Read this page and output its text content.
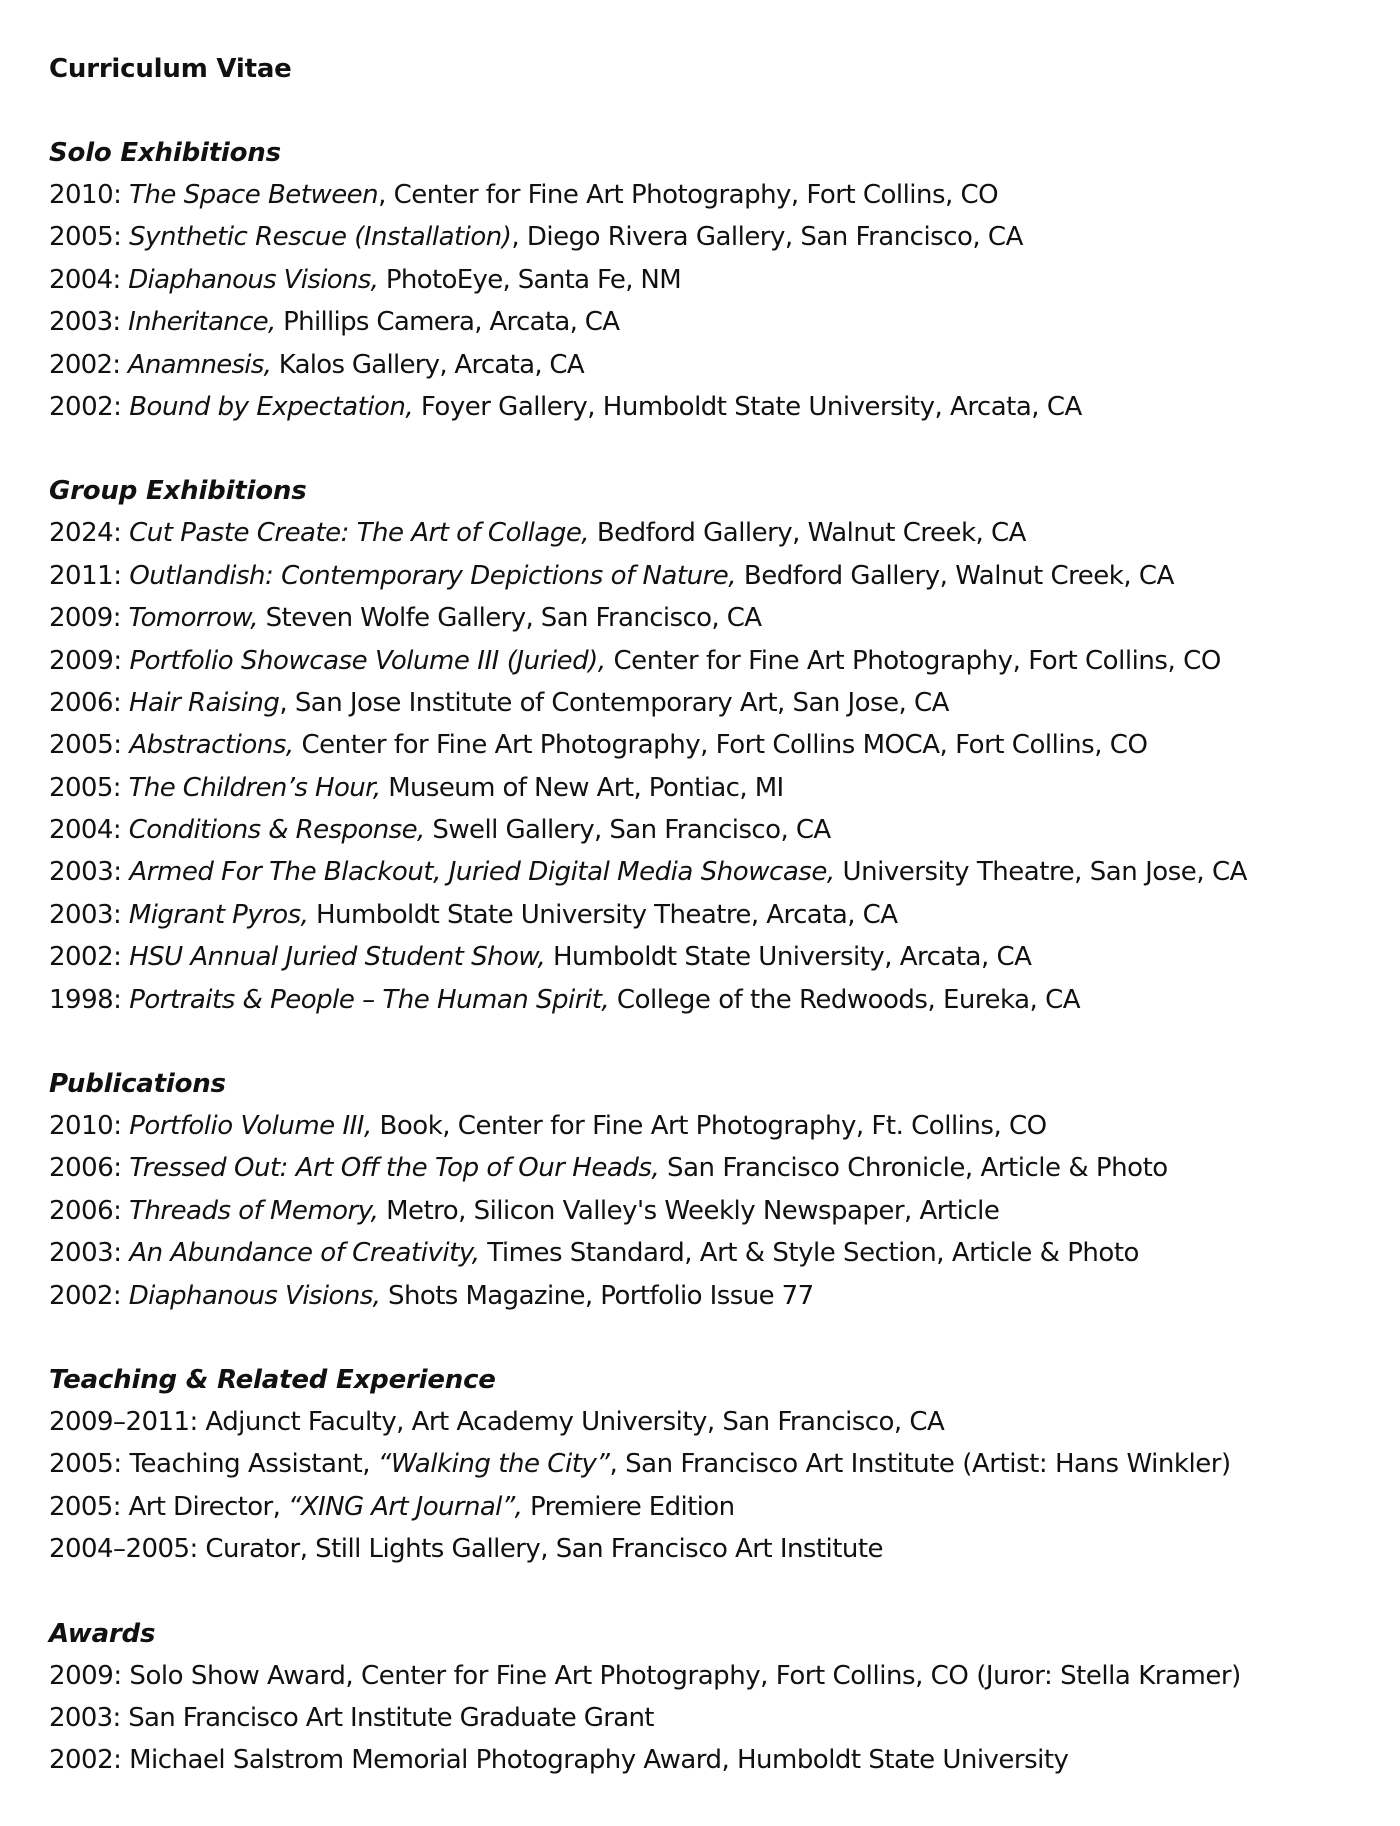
Curriculum Vitae
Solo Exhibitions
2010: The Space Between, Center for Fine Art Photography, Fort Collins, CO
2005: Synthetic Rescue (Installation), Diego Rivera Gallery, San Francisco, CA
2004: Diaphanous Visions, PhotoEye, Santa Fe, NM
2003: Inheritance, Phillips Camera, Arcata, CA
2002: Anamnesis, Kalos Gallery, Arcata, CA
2002: Bound by Expectation, Foyer Gallery, Humboldt State University, Arcata, CA
Group Exhibitions
2024: Cut Paste Create: The Art of Collage, Bedford Gallery, Walnut Creek, CA
2011: Outlandish: Contemporary Depictions of Nature, Bedford Gallery, Walnut Creek, CA
2009: Tomorrow, Steven Wolfe Gallery, San Francisco, CA
2009: Portfolio Showcase Volume III (Juried), Center for Fine Art Photography, Fort Collins, CO
2006: Hair Raising, San Jose Institute of Contemporary Art, San Jose, CA
2005: Abstractions, Center for Fine Art Photography, Fort Collins MOCA, Fort Collins, CO
2005: The Children’s Hour, Museum of New Art, Pontiac, MI
2004: Conditions & Response, Swell Gallery, San Francisco, CA
2003: Armed For The Blackout, Juried Digital Media Showcase, University Theatre, San Jose, CA
2003: Migrant Pyros, Humboldt State University Theatre, Arcata, CA
2002: HSU Annual Juried Student Show, Humboldt State University, Arcata, CA
1998: Portraits & People – The Human Spirit, College of the Redwoods, Eureka, CA
Publications
2010: Portfolio Volume III, Book, Center for Fine Art Photography, Ft. Collins, CO
2006: Tressed Out: Art Off the Top of Our Heads, San Francisco Chronicle, Article & Photo
2006: Threads of Memory, Metro, Silicon Valley's Weekly Newspaper, Article
2003: An Abundance of Creativity, Times Standard, Art & Style Section, Article & Photo
2002: Diaphanous Visions, Shots Magazine, Portfolio Issue 77
Teaching & Related Experience
2009–2011: Adjunct Faculty, Art Academy University, San Francisco, CA
2005: Teaching Assistant, “Walking the City”, San Francisco Art Institute (Artist: Hans Winkler)
2005: Art Director, “XING Art Journal”, Premiere Edition
2004–2005: Curator, Still Lights Gallery, San Francisco Art Institute
Awards
2009: Solo Show Award, Center for Fine Art Photography, Fort Collins, CO (Juror: Stella Kramer)
2003: San Francisco Art Institute Graduate Grant
2002: Michael Salstrom Memorial Photography Award, Humboldt State University
